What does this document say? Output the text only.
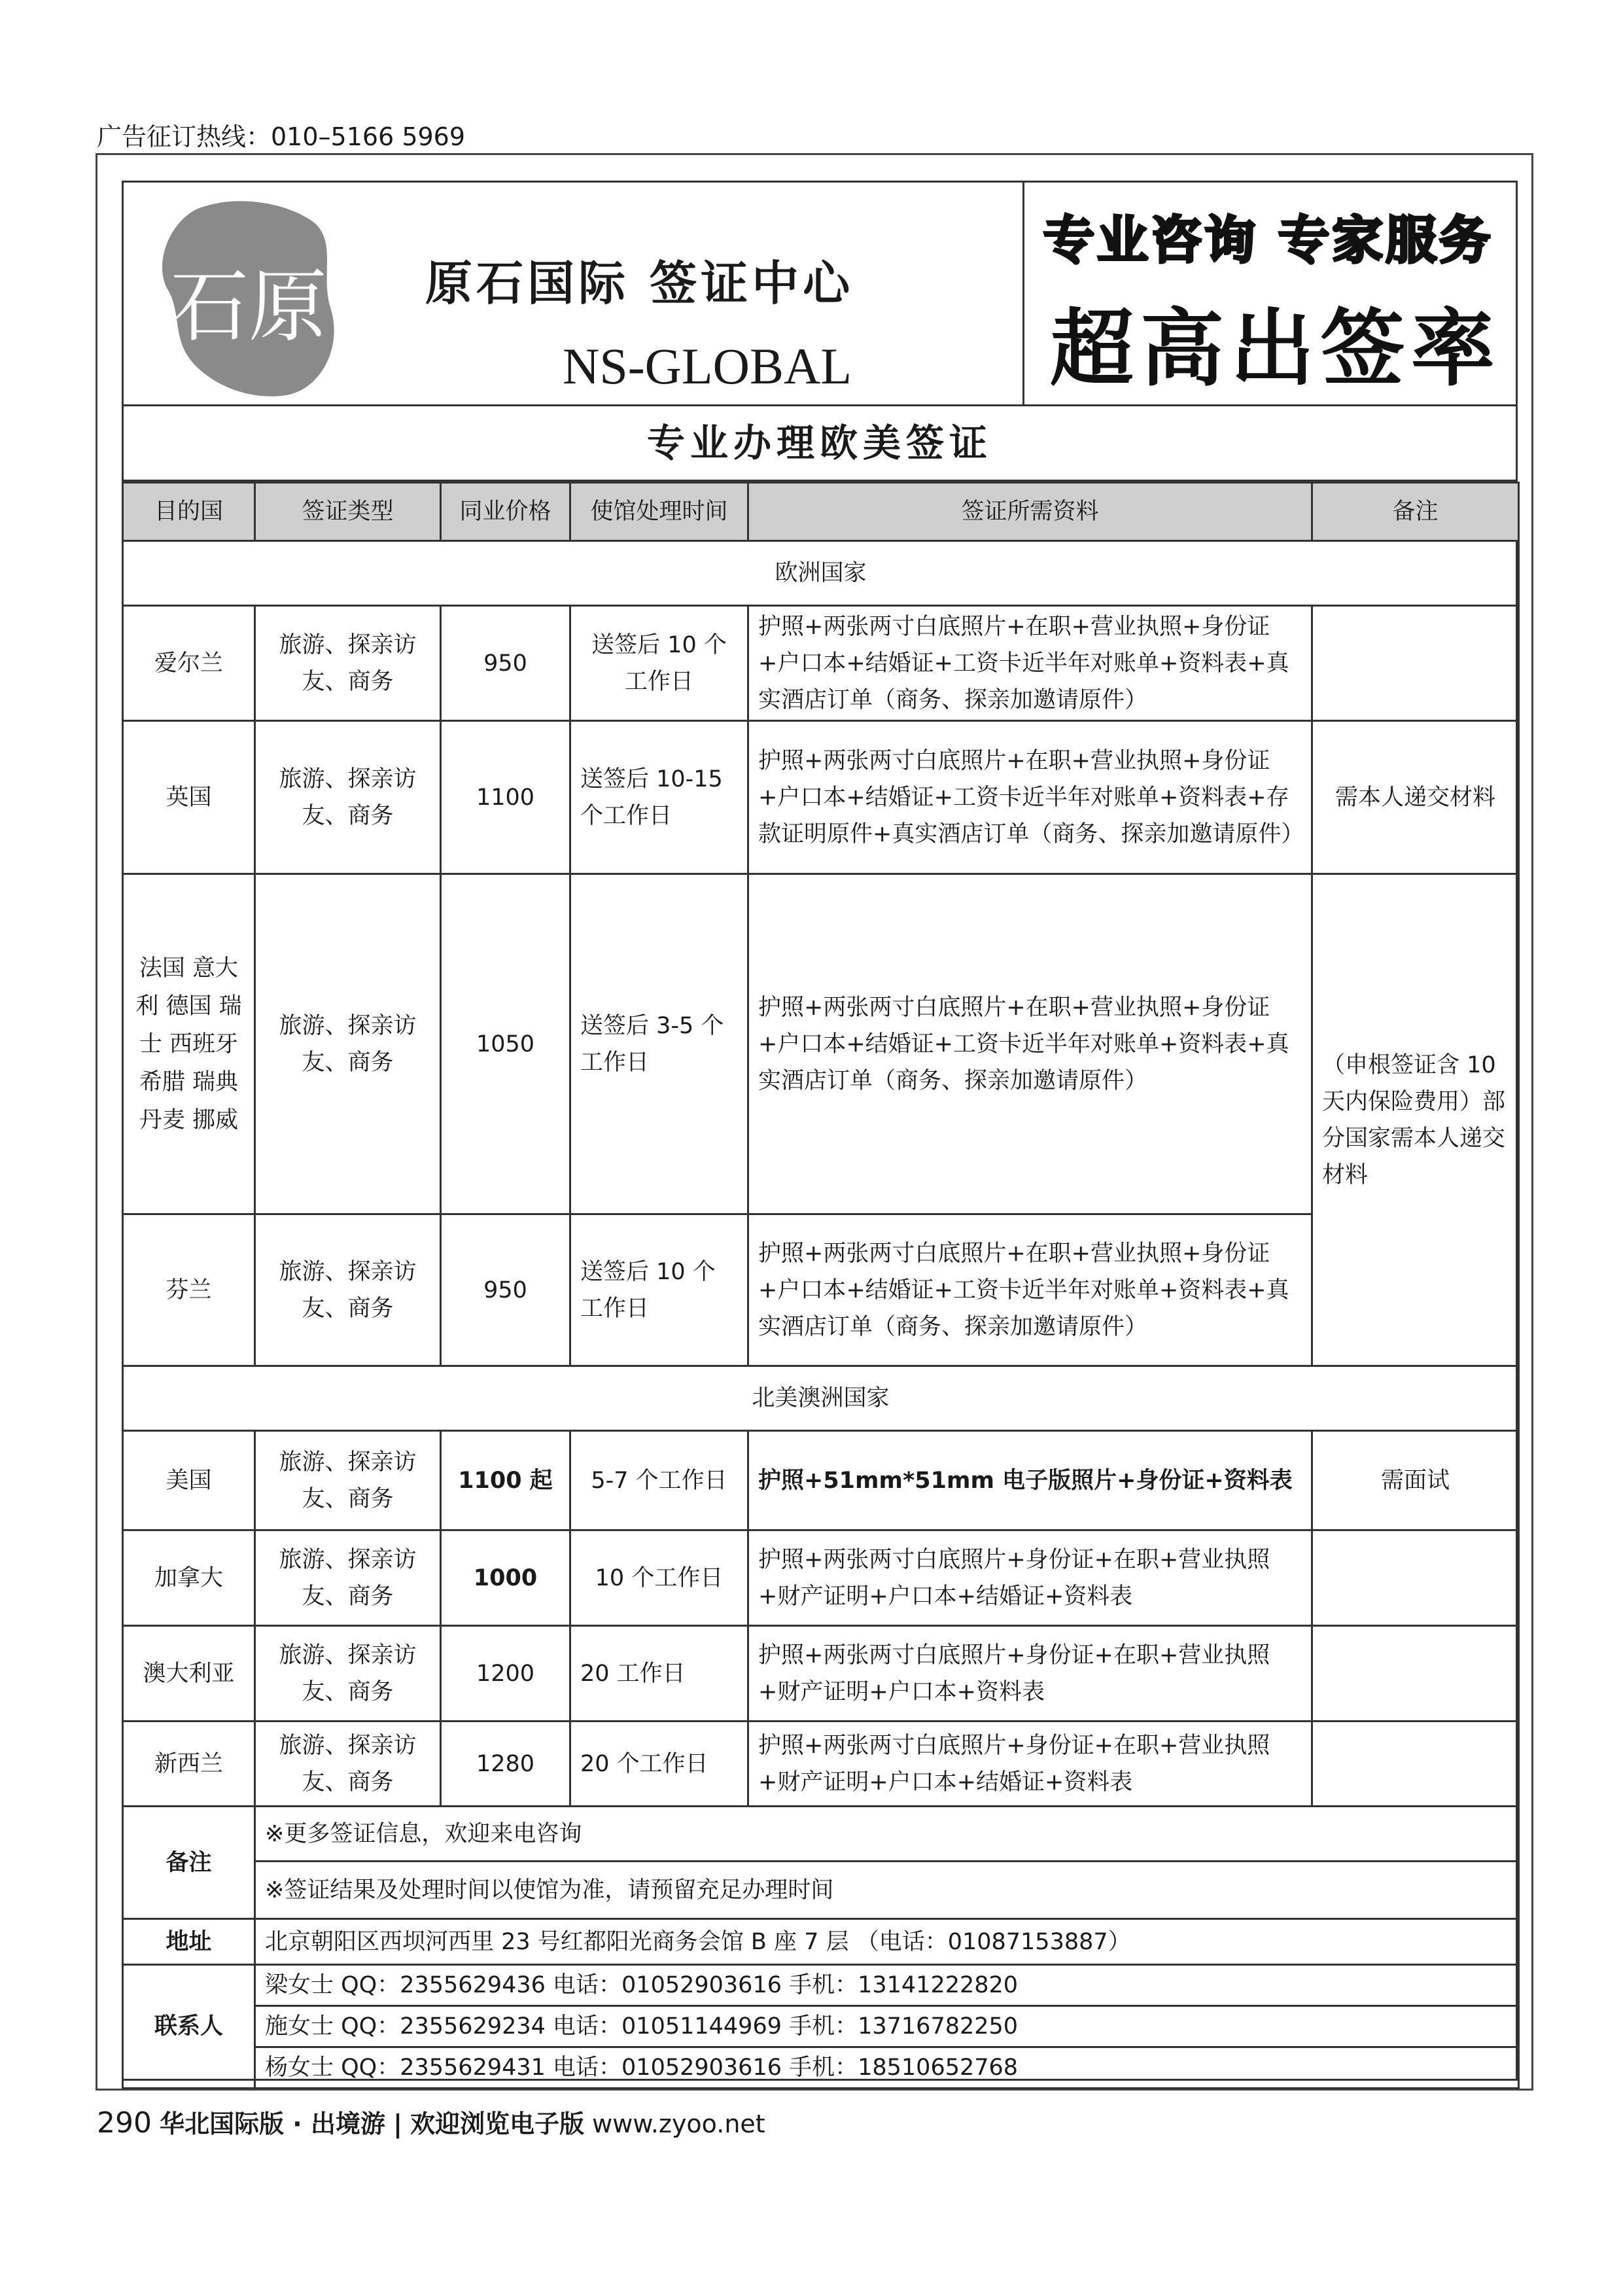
广告征订热线：010–5166 5969
石原 原石国际 签证中心
NS-GLOBAL
专业咨询 专家服务
超高出签率
专业办理欧美签证
目的国	签证类型	同业价格	使馆处理时间	签证所需资料	备注
欧洲国家					
爱尔兰	旅游、探亲访友、商务	950	送签后 10 个工作日	护照+两张两寸白底照片+在职+营业执照+身份证+户口本+结婚证+工资卡近半年对账单+资料表+真实酒店订单（商务、探亲加邀请原件）	
英国	旅游、探亲访友、商务	1100	送签后 10-15 个工作日	护照+两张两寸白底照片+在职+营业执照+身份证+户口本+结婚证+工资卡近半年对账单+资料表+存款证明原件+真实酒店订单（商务、探亲加邀请原件）	需本人递交材料
法国 意大利 德国 瑞士 西班牙 希腊 瑞典 丹麦 挪威	旅游、探亲访友、商务	1050	送签后 3-5 个工作日	护照+两张两寸白底照片+在职+营业执照+身份证+户口本+结婚证+工资卡近半年对账单+资料表+真实酒店订单（商务、探亲加邀请原件）	（申根签证含 10 天内保险费用）部分国家需本人递交材料
芬兰	旅游、探亲访友、商务	950	送签后 10 个工作日	护照+两张两寸白底照片+在职+营业执照+身份证+户口本+结婚证+工资卡近半年对账单+资料表+真实酒店订单（商务、探亲加邀请原件）	
北美澳洲国家					
美国	旅游、探亲访友、商务	1100 起	5-7 个工作日	护照+51mm*51mm 电子版照片+身份证+资料表	需面试
加拿大	旅游、探亲访友、商务	1000	10 个工作日	护照+两张两寸白底照片+身份证+在职+营业执照+财产证明+户口本+结婚证+资料表	
澳大利亚	旅游、探亲访友、商务	1200	20 工作日	护照+两张两寸白底照片+身份证+在职+营业执照+财产证明+户口本+资料表	
新西兰	旅游、探亲访友、商务	1280	20 个工作日	护照+两张两寸白底照片+身份证+在职+营业执照+财产证明+户口本+结婚证+资料表	
备注	※更多签证信息，欢迎来电咨询				
	※签证结果及处理时间以使馆为准，请预留充足办理时间				
地址	北京朝阳区西坝河西里 23 号红都阳光商务会馆 B 座 7 层 （电话：01087153887）				
联系人	梁女士 QQ：2355629436 电话：01052903616 手机：13141222820				
	施女士 QQ：2355629234 电话：01051144969 手机：13716782250				
	杨女士 QQ：2355629431 电话：01052903616 手机：18510652768				
290 华北国际版 · 出境游 | 欢迎浏览电子版 www.zyoo.net
